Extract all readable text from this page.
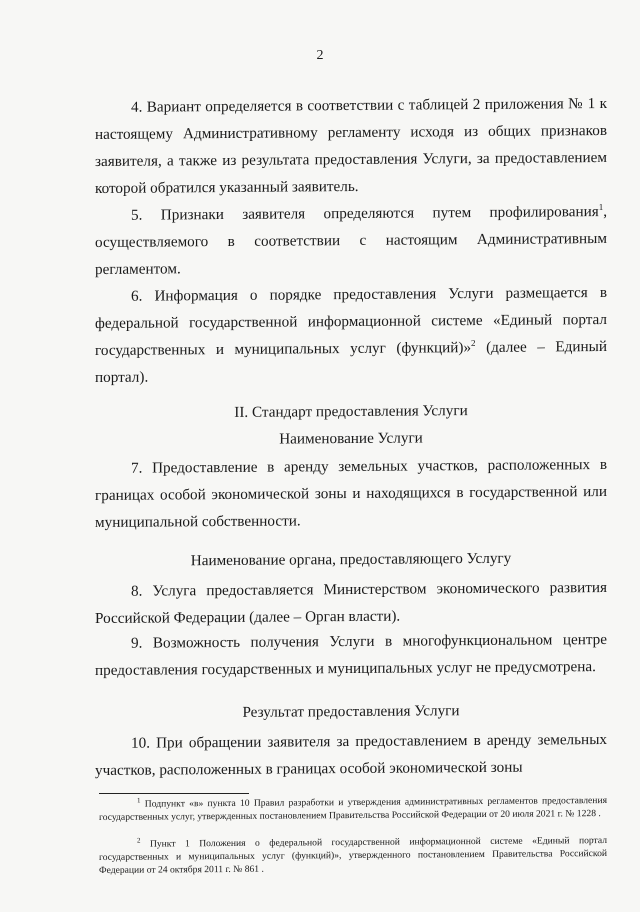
2
4. Вариант определяется в соответствии с таблицей 2 приложения № 1 к настоящему Административному регламенту исходя из общих признаков заявителя, а также из результата предоставления Услуги, за предоставлением которой обратился указанный заявитель.
5. Признаки заявителя определяются путем профилирования$^1$, осуществляемого в соответствии с настоящим Административным регламентом.
6. Информация о порядке предоставления Услуги размещается в федеральной государственной информационной системе «Единый портал государственных и муниципальных услуг (функций)»$^2$ (далее – Единый портал).
II. Стандарт предоставления Услуги
Наименование Услуги
7. Предоставление в аренду земельных участков, расположенных в границах особой экономической зоны и находящихся в государственной или муниципальной собственности.
Наименование органа, предоставляющего Услугу
8. Услуга предоставляется Министерством экономического развития Российской Федерации (далее – Орган власти).
9. Возможность получения Услуги в многофункциональном центре предоставления государственных и муниципальных услуг не предусмотрена.
Результат предоставления Услуги
10. При обращении заявителя за предоставлением в аренду земельных участков, расположенных в границах особой экономической зоны
$^1$ Подпункт «в» пункта 10 Правил разработки и утверждения административных регламентов предоставления государственных услуг, утвержденных постановлением Правительства Российской Федерации от 20 июля 2021 г. № 1228 .
$^2$ Пункт 1 Положения о федеральной государственной информационной системе «Единый портал государственных и муниципальных услуг (функций)», утвержденного постановлением Правительства Российской Федерации от 24 октября 2011 г. № 861 .
